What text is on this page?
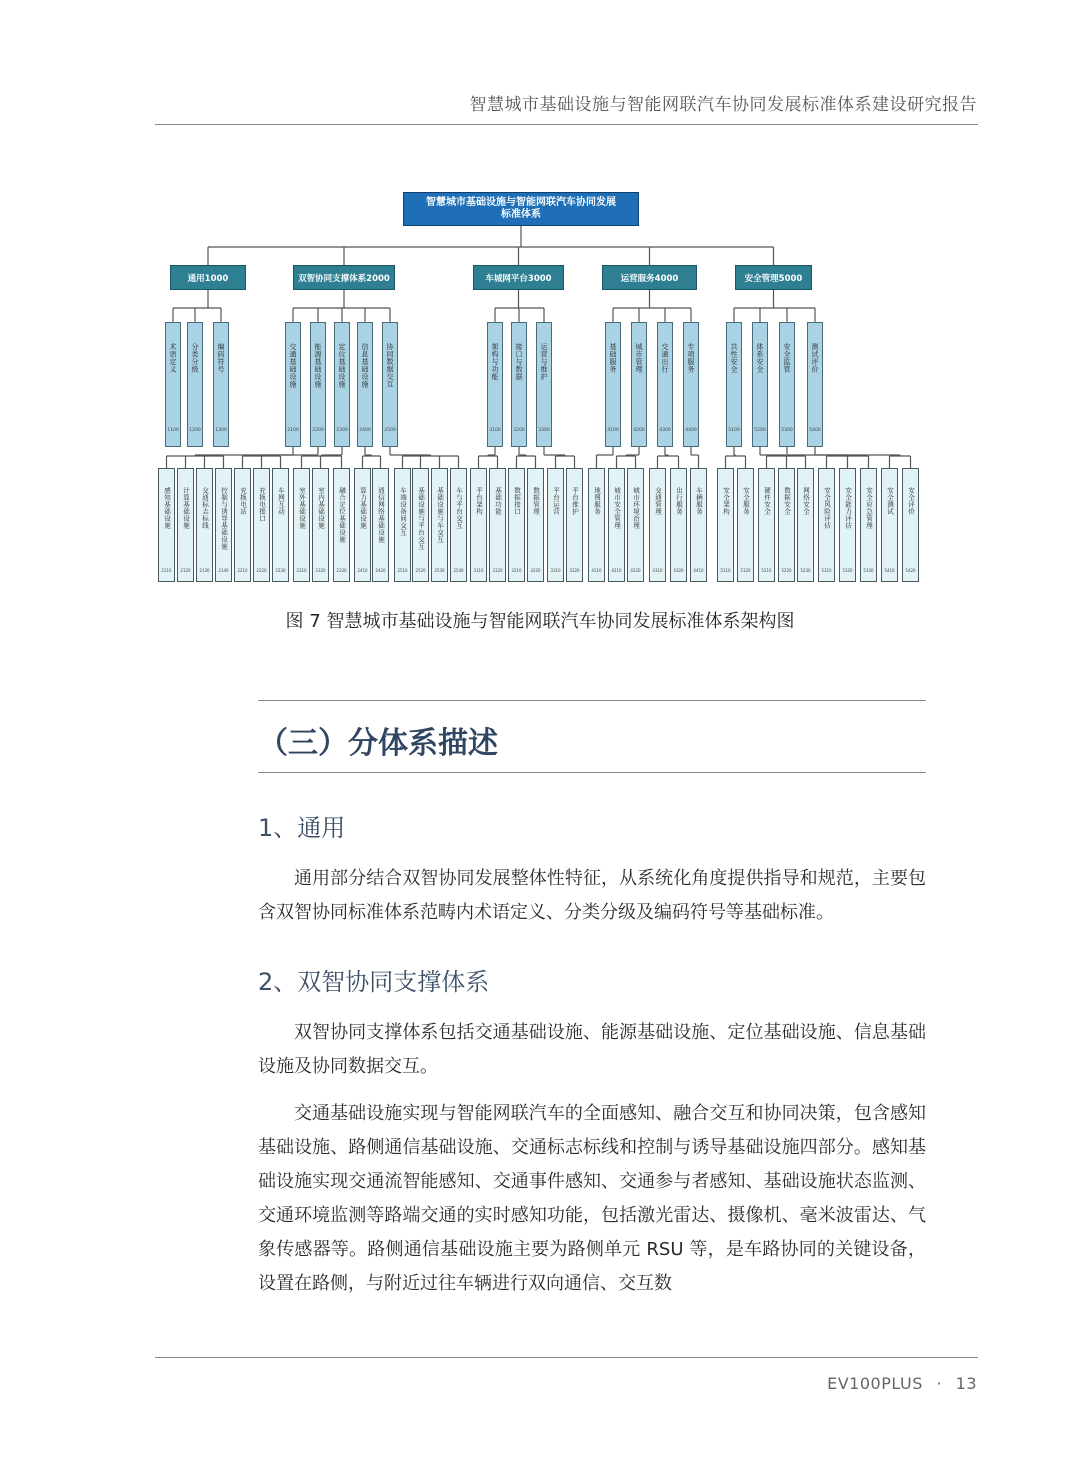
智慧城市基础设施与智能网联汽车协同发展标准体系建设研究报告
智慧城市基础设施与智能网联汽车协同发展
标准体系
通用1000
术语定义
1100
分类分级
1200
编码符号
1300
双智协同支撑体系2000
交通基础设施
2100
感知基础设施
2110
计算基础设施
2120
交通标志标线
2130
控制与诱导基础设施
2140
能源基础设施
2200
充换电站
2210
充换电接口
2220
车网互动
2230
定位基础设施
2300
室外基础设施
2310
室内基础设施
2320
融合定位基础设施
2330
信息基础设施
2400
算力基础设施
2410
通信网络基础设施
2420
协同数据交互
2500
车端设备间交互
2510
基础设施与平台交互
2520
基础设施与车交互
2530
车与平台交互
2540
车城网平台3000
架构与功能
3100
平台架构
3110
基础功能
3120
接口与数据
3200
数据接口
3210
数据管理
3220
运营与维护
3300
平台运营
3310
平台维护
3320
运营服务4000
基础服务
4100
地图服务
4110
城市管理
4200
城市安全管理
4210
城市环境治理
4220
交通出行
4300
交通管理
4310
出行服务
4320
专项服务
4400
车辆服务
4410
安全管理5000
共性安全
5100
安全架构
5110
安全服务
5120
体系安全
5200
硬件安全
5210
数据安全
5220
网络安全
5230
安全监管
5300
安全风险评估
5310
安全能力评估
5320
安全应急管理
5330
测试评价
5400
安全测试
5410
安全评价
5420
图 7 智慧城市基础设施与智能网联汽车协同发展标准体系架构图
（三）分体系描述
1、通用
通用部分结合双智协同发展整体性特征，从系统化角度提供指导和规范，主要包含双智协同标准体系范畴内术语定义、分类分级及编码符号等基础标准。
2、双智协同支撑体系
双智协同支撑体系包括交通基础设施、能源基础设施、定位基础设施、信息基础设施及协同数据交互。
交通基础设施实现与智能网联汽车的全面感知、融合交互和协同决策，包含感知基础设施、路侧通信基础设施、交通标志标线和控制与诱导基础设施四部分。感知基础设施实现交通流智能感知、交通事件感知、交通参与者感知、基础设施状态监测、交通环境监测等路端交通的实时感知功能，包括激光雷达、摄像机、毫米波雷达、气象传感器等。路侧通信基础设施主要为路侧单元 RSU 等，是车路协同的关键设备，设置在路侧，与附近过往车辆进行双向通信、交互数
EV100PLUS · 13
